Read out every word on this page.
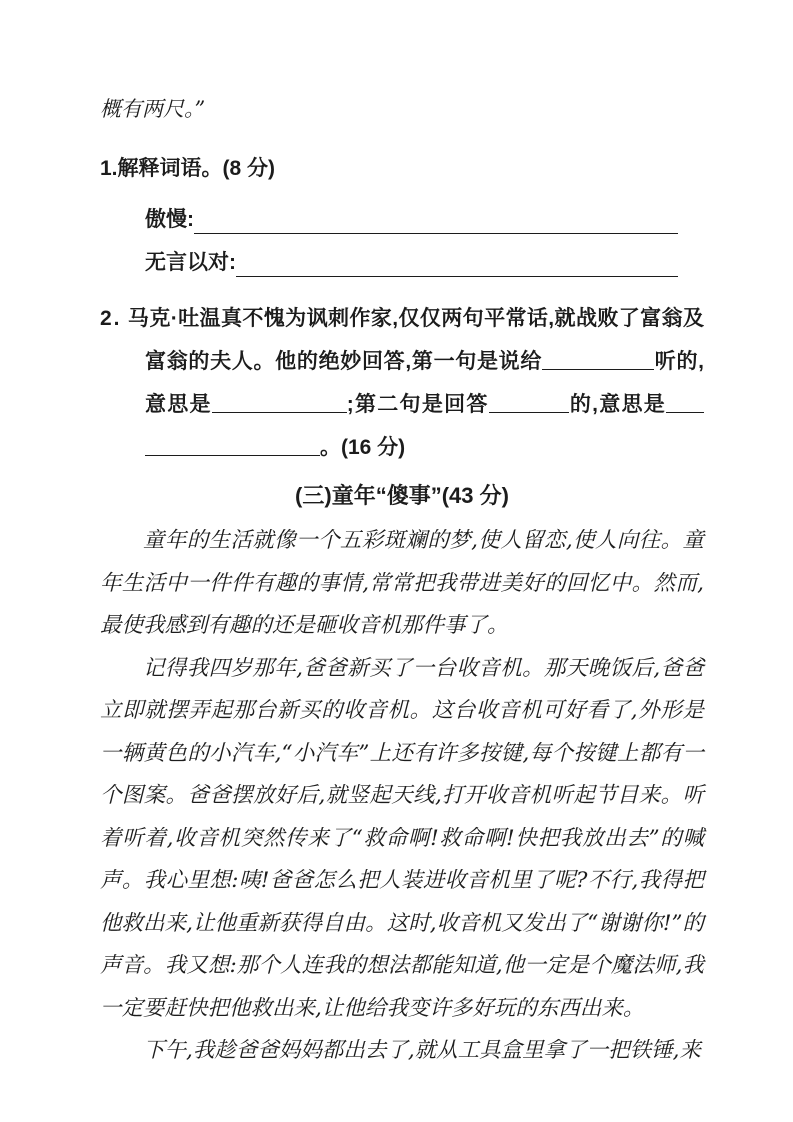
概有两尺。”
1.解释词语。(8 分)
傲慢:
无言以对:
2. 马克·吐温真不愧为讽刺作家,仅仅两句平常话,就战败了富翁及富翁的夫人。他的绝妙回答,第一句是说给	听的,意思是	;第二句是回答	的,意思是。(16 分)
(三)童年“傻事”(43 分)

童年的生活就像一个五彩斑斓的梦,使人留恋,使人向往。童年生活中一件件有趣的事情,常常把我带进美好的回忆中。然而,最使我感到有趣的还是砸收音机那件事了。

记得我四岁那年,爸爸新买了一台收音机。那天晚饭后,爸爸立即就摆弄起那台新买的收音机。这台收音机可好看了,外形是一辆黄色的小汽车,“小汽车”上还有许多按键,每个按键上都有一个图案。爸爸摆放好后,就竖起天线,打开收音机听起节目来。听着听着,收音机突然传来了“救命啊!救命啊!快把我放出去”的喊声。我心里想:咦!爸爸怎么把人装进收音机里了呢?不行,我得把他救出来,让他重新获得自由。这时,收音机又发出了“谢谢你!”的声音。我又想:那个人连我的想法都能知道,他一定是个魔法师,我一定要赶快把他救出来,让他给我变许多好玩的东西出来。

下午,我趁爸爸妈妈都出去了,就从工具盒里拿了一把铁锤,来
